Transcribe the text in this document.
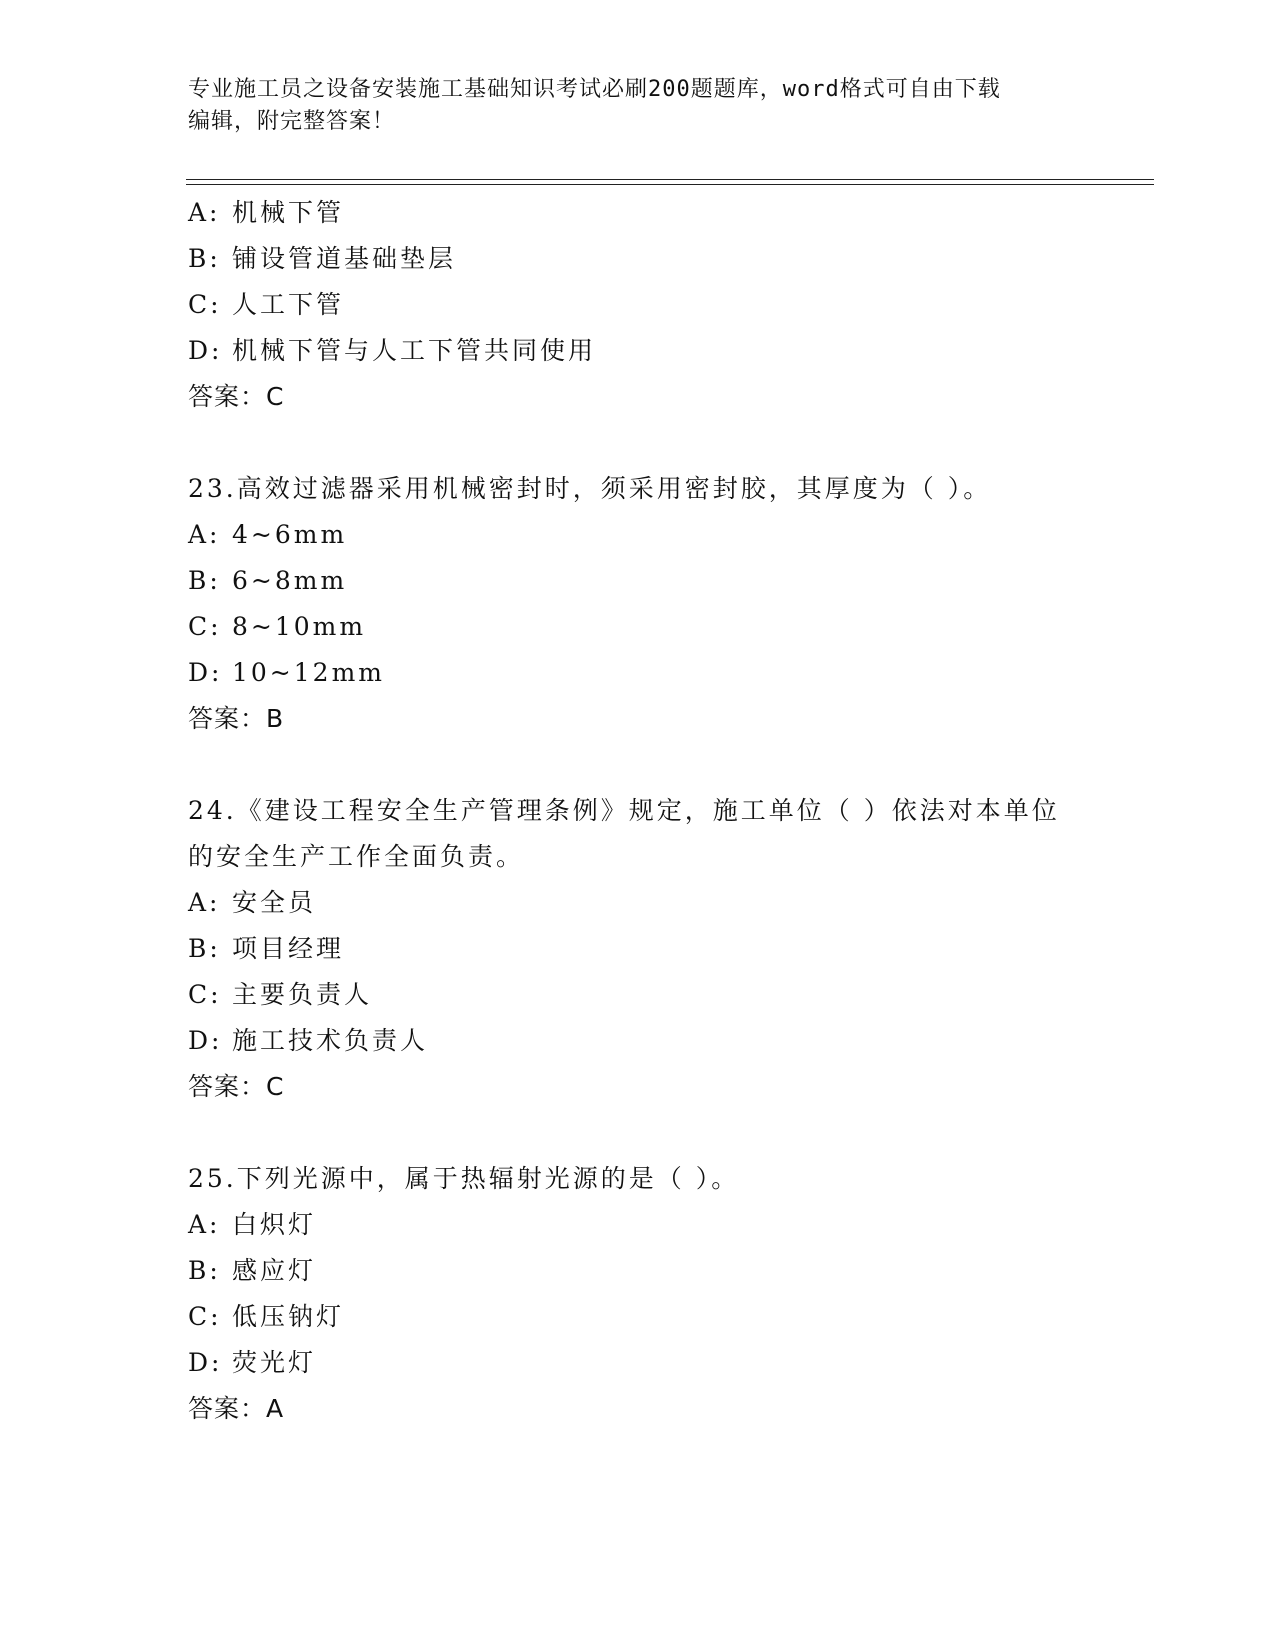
专业施工员之设备安装施工基础知识考试必刷200题题库，word格式可自由下载
编辑，附完整答案！
A: 机械下管
B: 铺设管道基础垫层
C: 人工下管
D: 机械下管与人工下管共同使用
答案：C
23.高效过滤器采用机械密封时，须采用密封胶，其厚度为（ ）。
A: 4~6mm
B: 6~8mm
C: 8~10mm
D: 10~12mm
答案：B
24.《建设工程安全生产管理条例》规定，施工单位（ ）依法对本单位的安全生产工作全面负责。
A: 安全员
B: 项目经理
C: 主要负责人
D: 施工技术负责人
答案：C
25.下列光源中，属于热辐射光源的是（ ）。
A: 白炽灯
B: 感应灯
C: 低压钠灯
D: 荧光灯
答案：A
